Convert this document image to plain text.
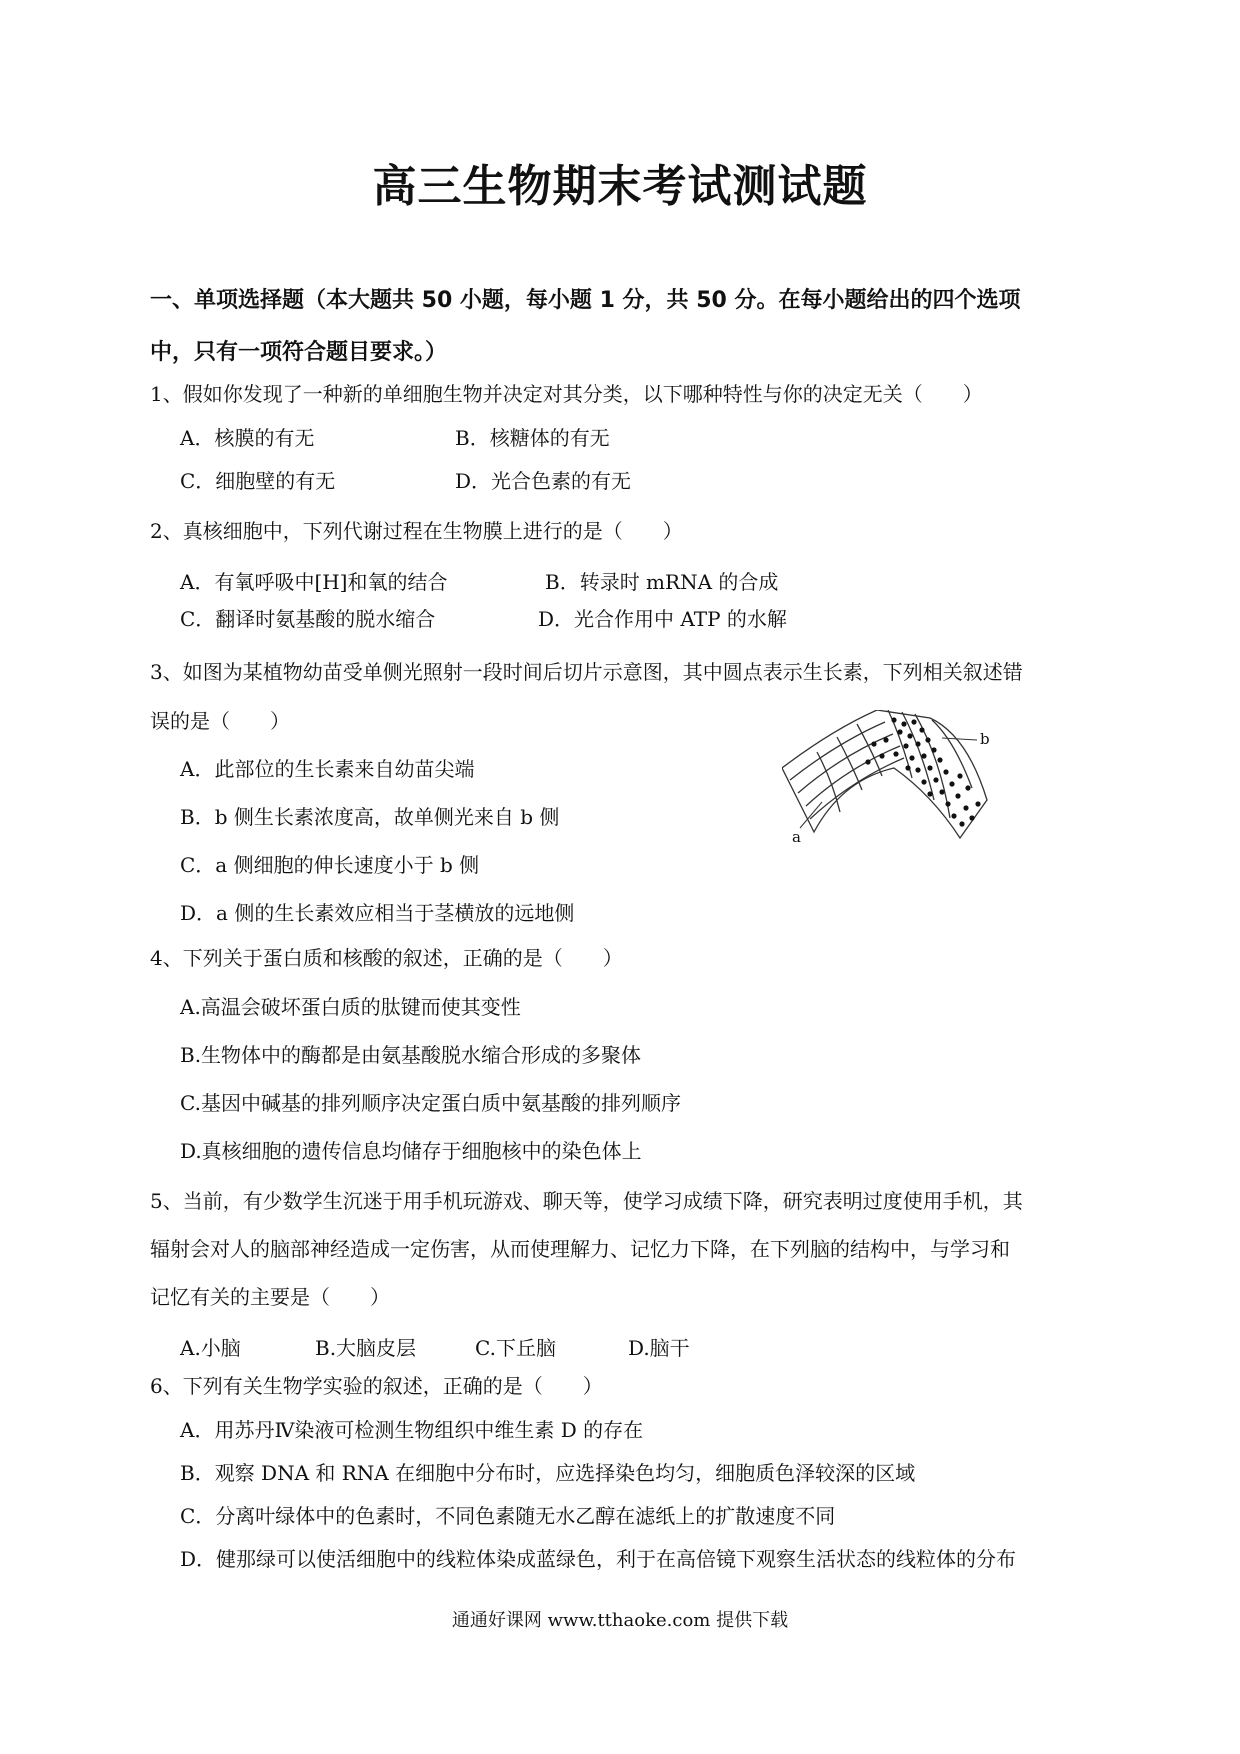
高三生物期末考试测试题
一、单项选择题（本大题共 50 小题，每小题 1 分，共 50 分。在每小题给出的四个选项
中，只有一项符合题目要求。）
1、假如你发现了一种新的单细胞生物并决定对其分类，以下哪种特性与你的决定无关（　　）
A．核膜的有无	B．核糖体的有无
C．细胞壁的有无	D．光合色素的有无
2、真核细胞中，下列代谢过程在生物膜上进行的是（　　）
A．有氧呼吸中[H]和氧的结合	B．转录时 mRNA 的合成
C．翻译时氨基酸的脱水缩合	D．光合作用中 ATP 的水解
3、如图为某植物幼苗受单侧光照射一段时间后切片示意图，其中圆点表示生长素，下列相关叙述错
误的是（　　）
A．此部位的生长素来自幼苗尖端
B．b 侧生长素浓度高，故单侧光来自 b 侧
C．a 侧细胞的伸长速度小于 b 侧
D．a 侧的生长素效应相当于茎横放的远地侧
b
a
4、下列关于蛋白质和核酸的叙述，正确的是（　　）
A.高温会破坏蛋白质的肽键而使其变性
B.生物体中的酶都是由氨基酸脱水缩合形成的多聚体
C.基因中碱基的排列顺序决定蛋白质中氨基酸的排列顺序
D.真核细胞的遗传信息均储存于细胞核中的染色体上
5、当前，有少数学生沉迷于用手机玩游戏、聊天等，使学习成绩下降，研究表明过度使用手机，其
辐射会对人的脑部神经造成一定伤害，从而使理解力、记忆力下降，在下列脑的结构中，与学习和
记忆有关的主要是（　　）
A.小脑	B.大脑皮层	C.下丘脑	D.脑干
6、下列有关生物学实验的叙述，正确的是（　　）
A．用苏丹Ⅳ染液可检测生物组织中维生素 D 的存在
B．观察 DNA 和 RNA 在细胞中分布时，应选择染色均匀，细胞质色泽较深的区域
C．分离叶绿体中的色素时，不同色素随无水乙醇在滤纸上的扩散速度不同
D．健那绿可以使活细胞中的线粒体染成蓝绿色，利于在高倍镜下观察生活状态的线粒体的分布
通通好课网 www.tthaoke.com 提供下载
